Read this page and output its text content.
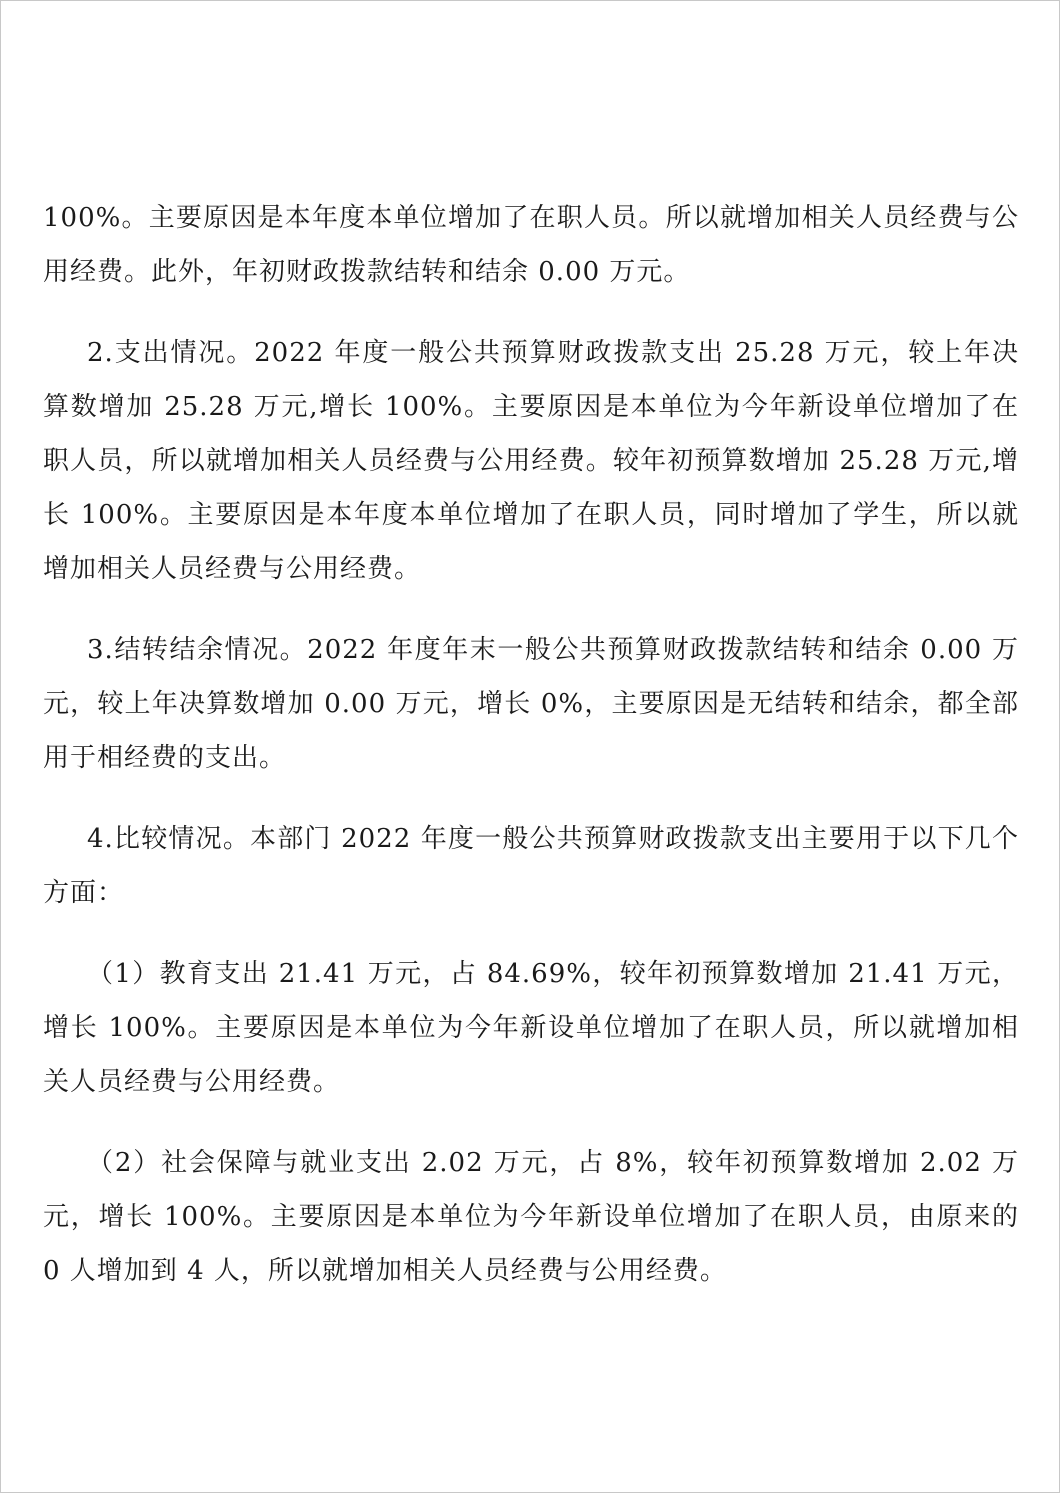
100%。主要原因是本年度本单位增加了在职人员。所以就增加相关人员经费与公用经费。此外，年初财政拨款结转和结余 0.00 万元。

2.支出情况。2022 年度一般公共预算财政拨款支出 25.28 万元，较上年决算数增加 25.28 万元,增长 100%。主要原因是本单位为今年新设单位增加了在职人员，所以就增加相关人员经费与公用经费。较年初预算数增加 25.28 万元,增长 100%。主要原因是本年度本单位增加了在职人员，同时增加了学生，所以就增加相关人员经费与公用经费。

3.结转结余情况。2022 年度年末一般公共预算财政拨款结转和结余 0.00 万元，较上年决算数增加 0.00 万元，增长 0%，主要原因是无结转和结余，都全部用于相经费的支出。

4.比较情况。本部门 2022 年度一般公共预算财政拨款支出主要用于以下几个方面：

（1）教育支出 21.41 万元，占 84.69%，较年初预算数增加 21.41 万元，增长 100%。主要原因是本单位为今年新设单位增加了在职人员，所以就增加相关人员经费与公用经费。

（2）社会保障与就业支出 2.02 万元，占 8%，较年初预算数增加 2.02 万元，增长 100%。主要原因是本单位为今年新设单位增加了在职人员，由原来的 0 人增加到 4 人，所以就增加相关人员经费与公用经费。
